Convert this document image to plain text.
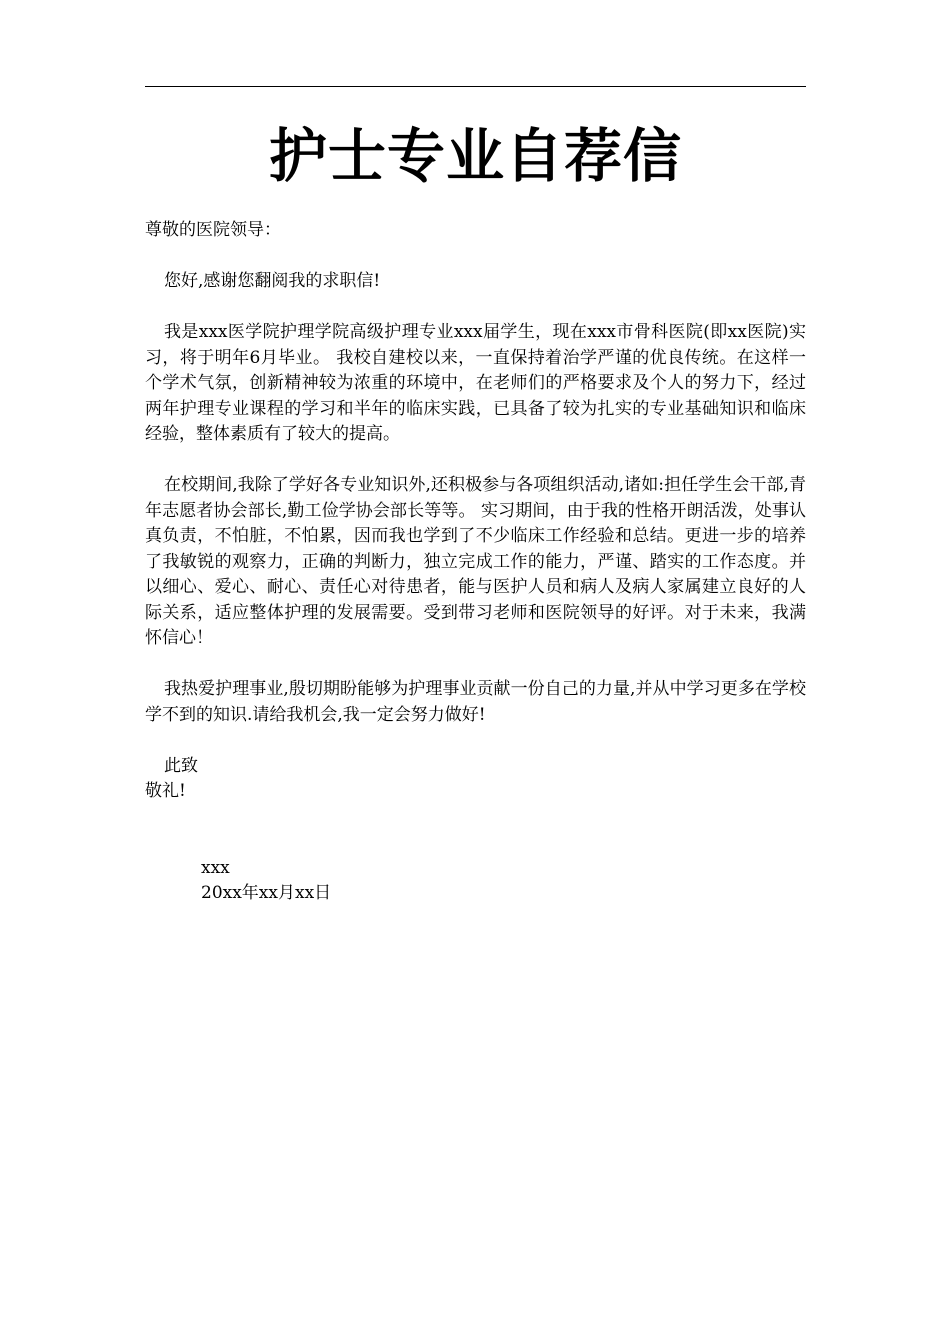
护士专业自荐信

尊敬的医院领导：

您好,感谢您翻阅我的求职信!

我是xxx医学院护理学院高级护理专业xxx届学生，现在xxx市骨科医院(即xx医院)实习，将于明年6月毕业。 我校自建校以来，一直保持着治学严谨的优良传统。在这样一个学术气氛，创新精神较为浓重的环境中，在老师们的严格要求及个人的努力下，经过两年护理专业课程的学习和半年的临床实践，已具备了较为扎实的专业基础知识和临床经验，整体素质有了较大的提高。

在校期间,我除了学好各专业知识外,还积极参与各项组织活动,诸如:担任学生会干部,青年志愿者协会部长,勤工俭学协会部长等等。 实习期间，由于我的性格开朗活泼，处事认真负责，不怕脏，不怕累，因而我也学到了不少临床工作经验和总结。更进一步的培养了我敏锐的观察力，正确的判断力，独立完成工作的能力，严谨、踏实的工作态度。并以细心、爱心、耐心、责任心对待患者，能与医护人员和病人及病人家属建立良好的人际关系，适应整体护理的发展需要。受到带习老师和医院领导的好评。对于未来，我满怀信心！

我热爱护理事业,殷切期盼能够为护理事业贡献一份自己的力量,并从中学习更多在学校学不到的知识.请给我机会,我一定会努力做好!

此致

敬礼!

xxx

20xx年xx月xx日
